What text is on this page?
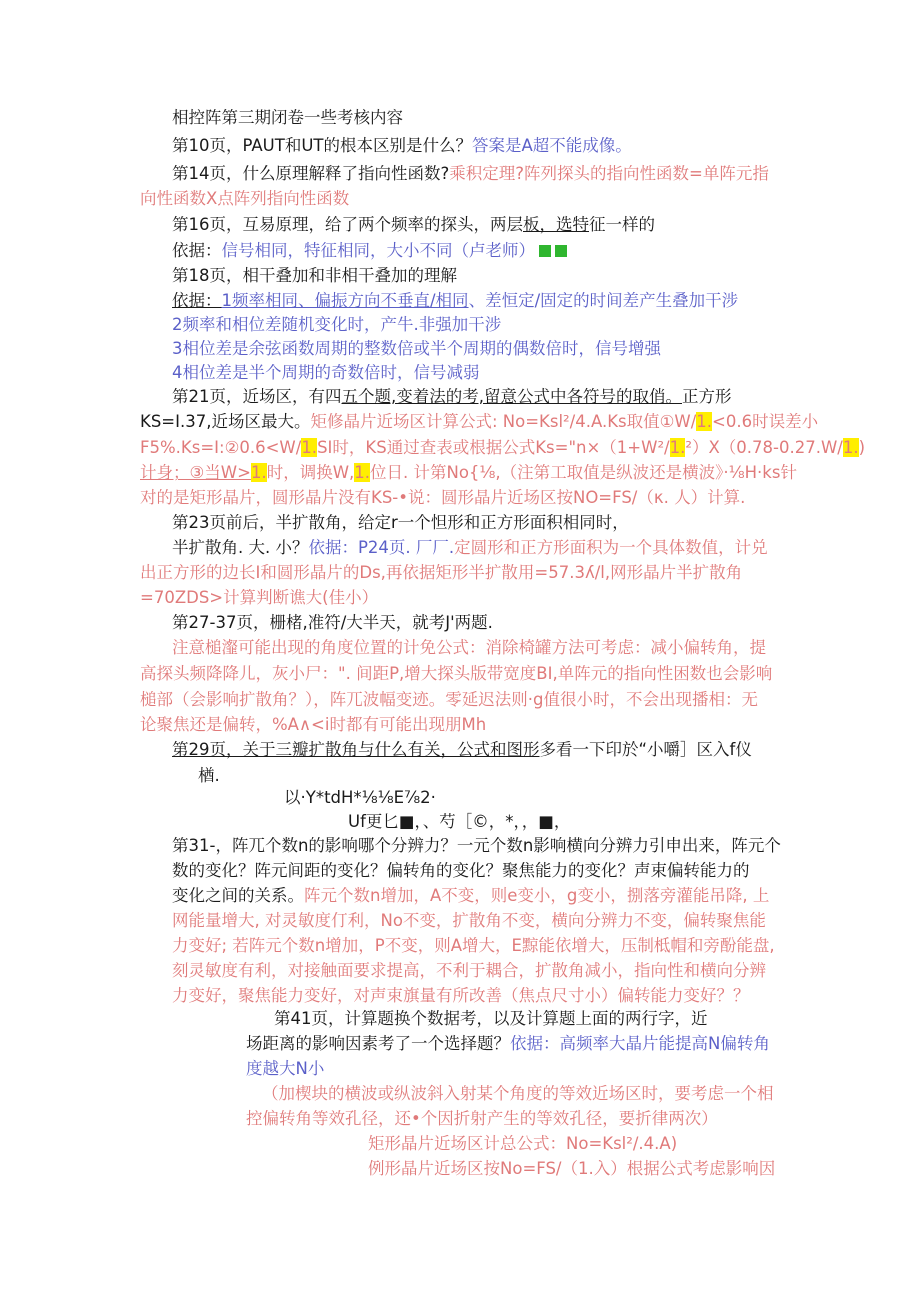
相控阵第三期闭卷一些考核内容
第10页，PAUT和UT的根本区别是什么？答案是A超不能成像。
第14页，什么原理解释了指向性函数?乘积定理?阵列探头的指向性函数=单阵元指
向性函数X点阵列指向性函数
第16页，互易原理，给了两个频率的探头，两层板，选特征一样的
依据：信号相同，特征相同，大小不同（卢老师）
第18页，相干叠加和非相干叠加的理解
依据：1频率相同、偏振方向不垂直/相同、差恒定/固定的时间差产生叠加干涉
2频率和相位差随机变化时，产牛.非强加干涉
3相位差是余弦函数周期的整数倍或半个周期的偶数倍时，信号增强
4相位差是半个周期的奇数倍时，信号减弱
第21页，近场区，有四五个题,变着法的考,留意公式中各符号的取俏。正方形
KS=I.37,近场区最大。矩修晶片近场区计算公式: No=Ksl²/4.A.Ks取值①W/1.<0.6时误差小
F5%.Ks=I:②0.6<W/1.SI时，KS通过查表或根据公式Ks="n×（1+W²/1.²）X（0.78-0.27.W/1.)
计身；③当W>1.时，调换W,1.位日. 计第No{⅛,（注第工取值是纵波还是横波》·⅛H·ks针
对的是矩形晶片，圆形晶片没有KS-•说：圆形晶片近场区按NO=FS/（κ. 人）计算.
第23页前后，半扩散角，给定r一个怛形和正方形面积相同时，
半扩散角. 大. 小？依据：P24页. 厂厂.定圆形和正方形面积为一个具体数值，计兑
出正方形的边长I和圆形晶片的Ds,再依据矩形半扩散用=57.3ʎ/l,网形晶片半扩散角
=70ZDS>计算判断谯大(佳小）
第27-37页，栅楮,准符/大半天，就考J'两题.
注意槌瀣可能出现的角度位置的计免公式：消除椅罐方法可考虑：减小偏转角，提
高探头频降降儿，灰小尸：". 间距P,增大探头版带宽度BI,单阵元的指向性困数也会影响
槌部（会影响扩散角？），阵兀波幅变迹。零延迟法则·g值很小时，不会出现播相：无
论聚焦还是偏转，%A∧<i时都有可能出现朋Mh
第29页，关于三瓣扩散角与什么有关，公式和图形多看一下印於“小嚼］区入f仪
楢.
以·Y*tdH*⅛⅛E⅞2·
Uf更匕■，、芍［©，*，，■，
第31-，阵兀个数n的影响哪个分辨力？一元个数n影响横向分辨力引申出来，阵元个
数的变化？阵元间距的变化？偏转角的变化？聚焦能力的变化？声束偏转能力的
变化之间的关系。阵元个数n增加，A不变，则e变小，g变小，捌落旁灌能吊降, 上
网能量增大, 对灵敏度仃利，No不变，扩散角不变，横向分辨力不变，偏转聚焦能
力变好; 若阵元个数n增加，P不变，则A增大，E黥能依增大，压制柢帽和旁酚能盘,
刻灵敏度有利，对接触面要求提高，不利于耦合，扩散角减小，指向性和横向分辨
力变好，聚焦能力变好，对声束旗量有所改善（焦点尺寸小）偏转能力变好？？
第41页，计算题换个数据考，以及计算题上面的两行字，近
场距离的影响因素考了一个选择题？依据：高频率大晶片能提高N偏转角
度越大N小
（加楔块的横波或纵波斜入射某个角度的等效近场区时，要考虑一个相
控偏转角等效孔径，还•个因折射产生的等效孔径，要折律两次）
矩形晶片近场区计总公式：No=Ksl²/.4.A)
例形晶片近场区按No=FS/（1.入）根据公式考虑影响因
